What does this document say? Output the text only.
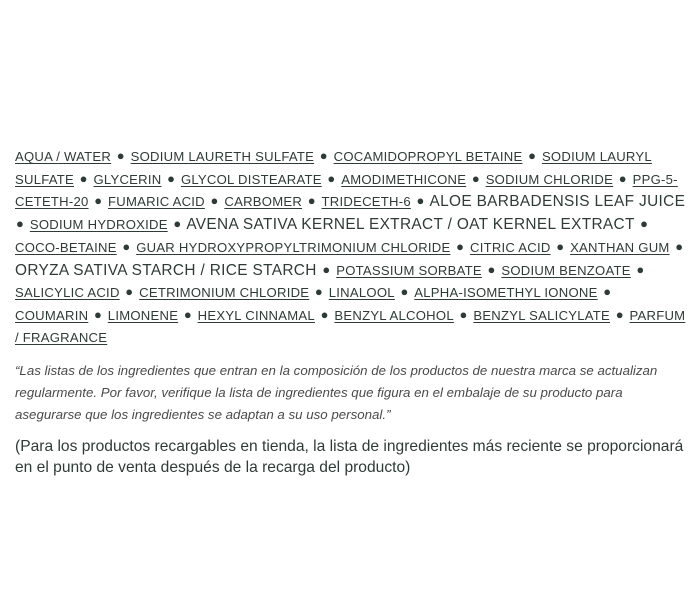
AQUA / WATER ● SODIUM LAURETH SULFATE ● COCAMIDOPROPYL BETAINE ● SODIUM LAURYL SULFATE ● GLYCERIN ● GLYCOL DISTEARATE ● AMODIMETHICONE ● SODIUM CHLORIDE ● PPG-5-CETETH-20 ● FUMARIC ACID ● CARBOMER ● TRIDECETH-6 ● ALOE BARBADENSIS LEAF JUICE ● SODIUM HYDROXIDE ● AVENA SATIVA KERNEL EXTRACT / OAT KERNEL EXTRACT ● COCO-BETAINE ● GUAR HYDROXYPROPYLTRIMONIUM CHLORIDE ● CITRIC ACID ● XANTHAN GUM ● ORYZA SATIVA STARCH / RICE STARCH ● POTASSIUM SORBATE ● SODIUM BENZOATE ● SALICYLIC ACID ● CETRIMONIUM CHLORIDE ● LINALOOL ● ALPHA-ISOMETHYL IONONE ● COUMARIN ● LIMONENE ● HEXYL CINNAMAL ● BENZYL ALCOHOL ● BENZYL SALICYLATE ● PARFUM / FRAGRANCE

“Las listas de los ingredientes que entran en la composición de los productos de nuestra marca se actualizan regularmente. Por favor, verifique la lista de ingredientes que figura en el embalaje de su producto para asegurarse que los ingredientes se adaptan a su uso personal.”

(Para los productos recargables en tienda, la lista de ingredientes más reciente se proporcionará en el punto de venta después de la recarga del producto)
